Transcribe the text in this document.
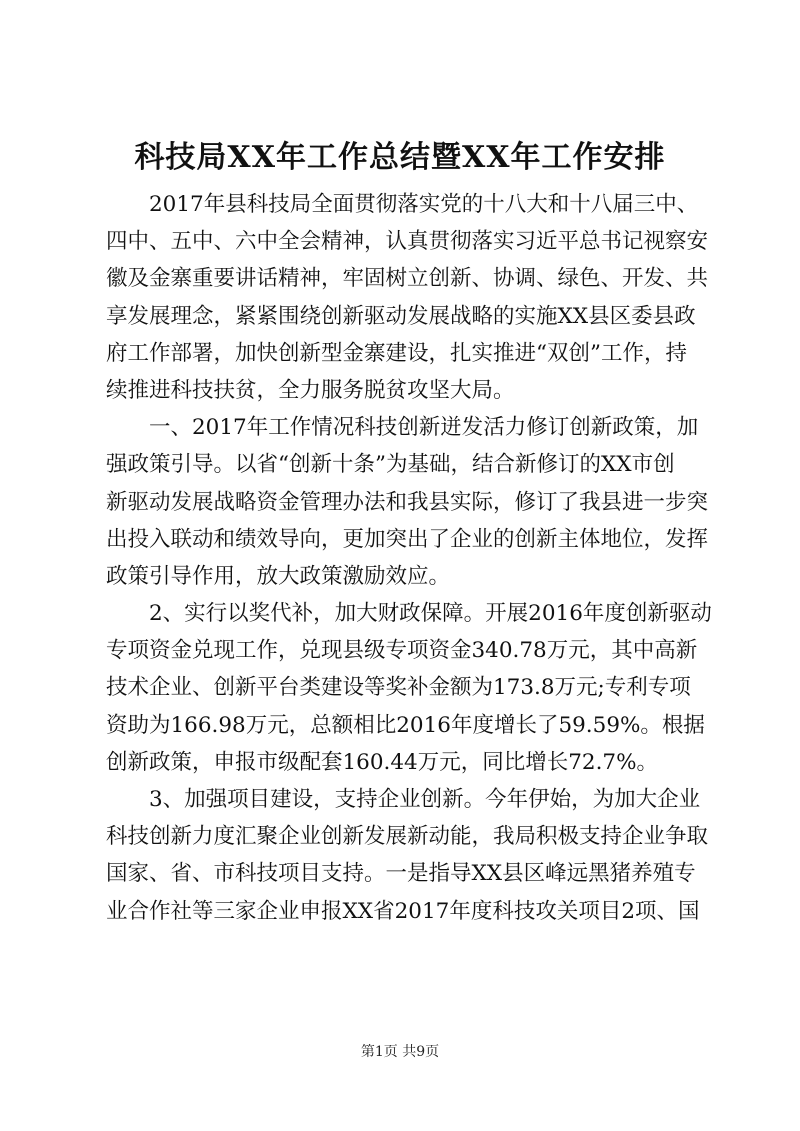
科技局XX年工作总结暨XX年工作安排
2017年县科技局全面贯彻落实党的十八大和十八届三中、
四中、五中、六中全会精神，认真贯彻落实习近平总书记视察安
徽及金寨重要讲话精神，牢固树立创新、协调、绿色、开发、共
享发展理念，紧紧围绕创新驱动发展战略的实施XX县区委县政
府工作部署，加快创新型金寨建设，扎实推进“双创”工作，持
续推进科技扶贫，全力服务脱贫攻坚大局。
一、2017年工作情况科技创新迸发活力修订创新政策，加
强政策引导。以省“创新十条”为基础，结合新修订的XX市创
新驱动发展战略资金管理办法和我县实际，修订了我县进一步突
出投入联动和绩效导向，更加突出了企业的创新主体地位，发挥
政策引导作用，放大政策激励效应。
2、实行以奖代补，加大财政保障。开展2016年度创新驱动
专项资金兑现工作，兑现县级专项资金340.78万元，其中高新
技术企业、创新平台类建设等奖补金额为173.8万元;专利专项
资助为166.98万元，总额相比2016年度增长了59.59%。根据
创新政策，申报市级配套160.44万元，同比增长72.7%。
3、加强项目建设，支持企业创新。今年伊始，为加大企业
科技创新力度汇聚企业创新发展新动能，我局积极支持企业争取
国家、省、市科技项目支持。一是指导XX县区峰远黑猪养殖专
业合作社等三家企业申报XX省2017年度科技攻关项目2项、国
第1页 共9页
